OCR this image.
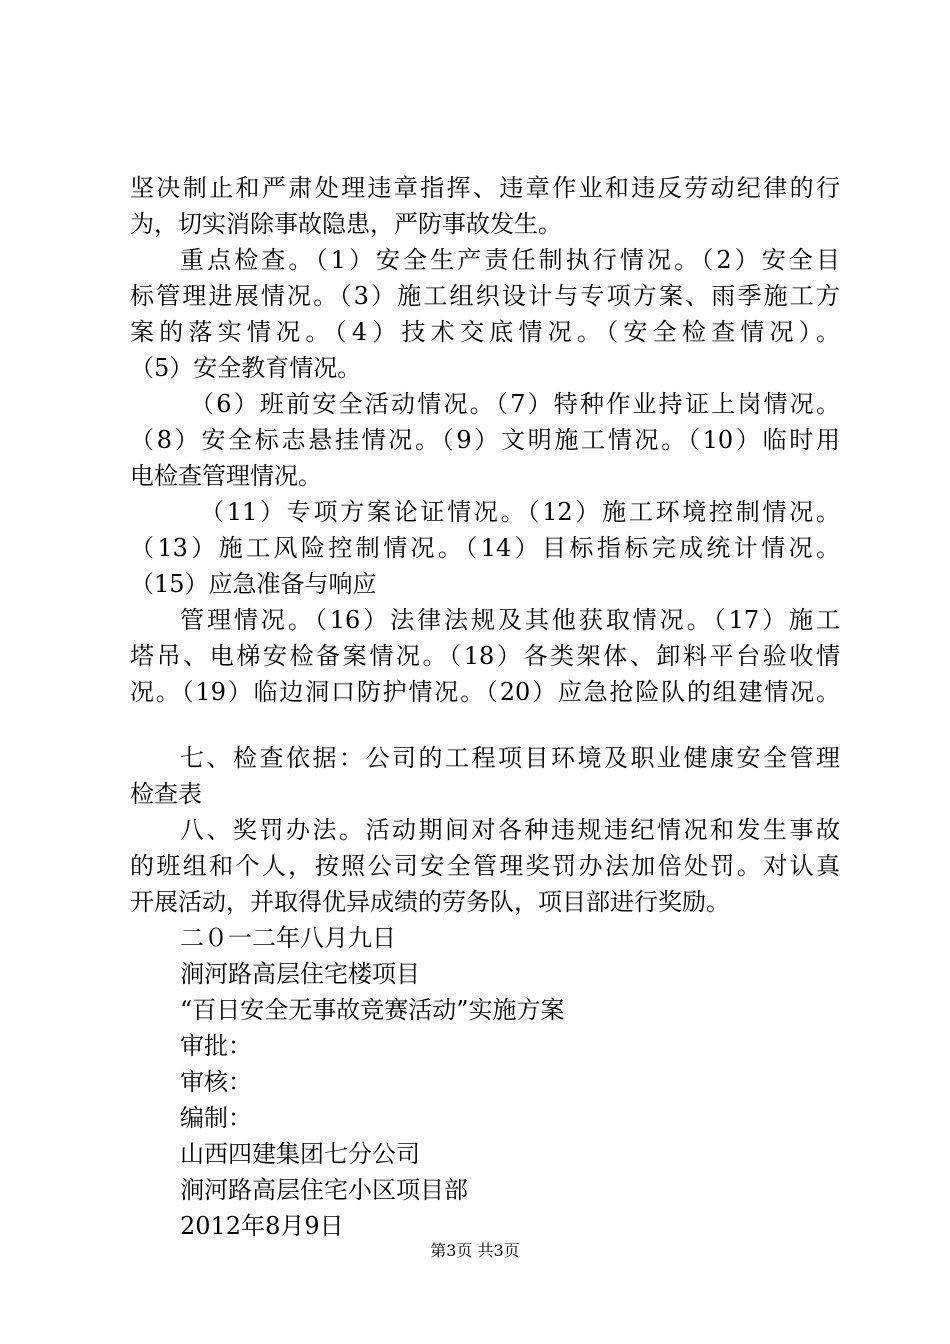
坚决制止和严肃处理违章指挥、违章作业和违反劳动纪律的行
为，切实消除事故隐患，严防事故发生。
重点检查。（1）安全生产责任制执行情况。（2）安全目
标管理进展情况。（3）施工组织设计与专项方案、雨季施工方
案的落实情况。（4）技术交底情况。（安全检查情况）。
（5）安全教育情况。
（6）班前安全活动情况。（7）特种作业持证上岗情况。
（8）安全标志悬挂情况。（9）文明施工情况。（10）临时用
电检查管理情况。
（11）专项方案论证情况。（12）施工环境控制情况。
（13）施工风险控制情况。（14）目标指标完成统计情况。
（15）应急准备与响应
管理情况。（16）法律法规及其他获取情况。（17）施工
塔吊、电梯安检备案情况。（18）各类架体、卸料平台验收情
况。（19）临边洞口防护情况。（20）应急抢险队的组建情况。
七、检查依据：公司的工程项目环境及职业健康安全管理
检查表
八、奖罚办法。活动期间对各种违规违纪情况和发生事故
的班组和个人，按照公司安全管理奖罚办法加倍处罚。对认真
开展活动，并取得优异成绩的劳务队，项目部进行奖励。
二０一二年八月九日
涧河路高层住宅楼项目
“百日安全无事故竞赛活动”实施方案
审批：
审核：
编制：
山西四建集团七分公司
涧河路高层住宅小区项目部
2012年8月9日
第3页 共3页
